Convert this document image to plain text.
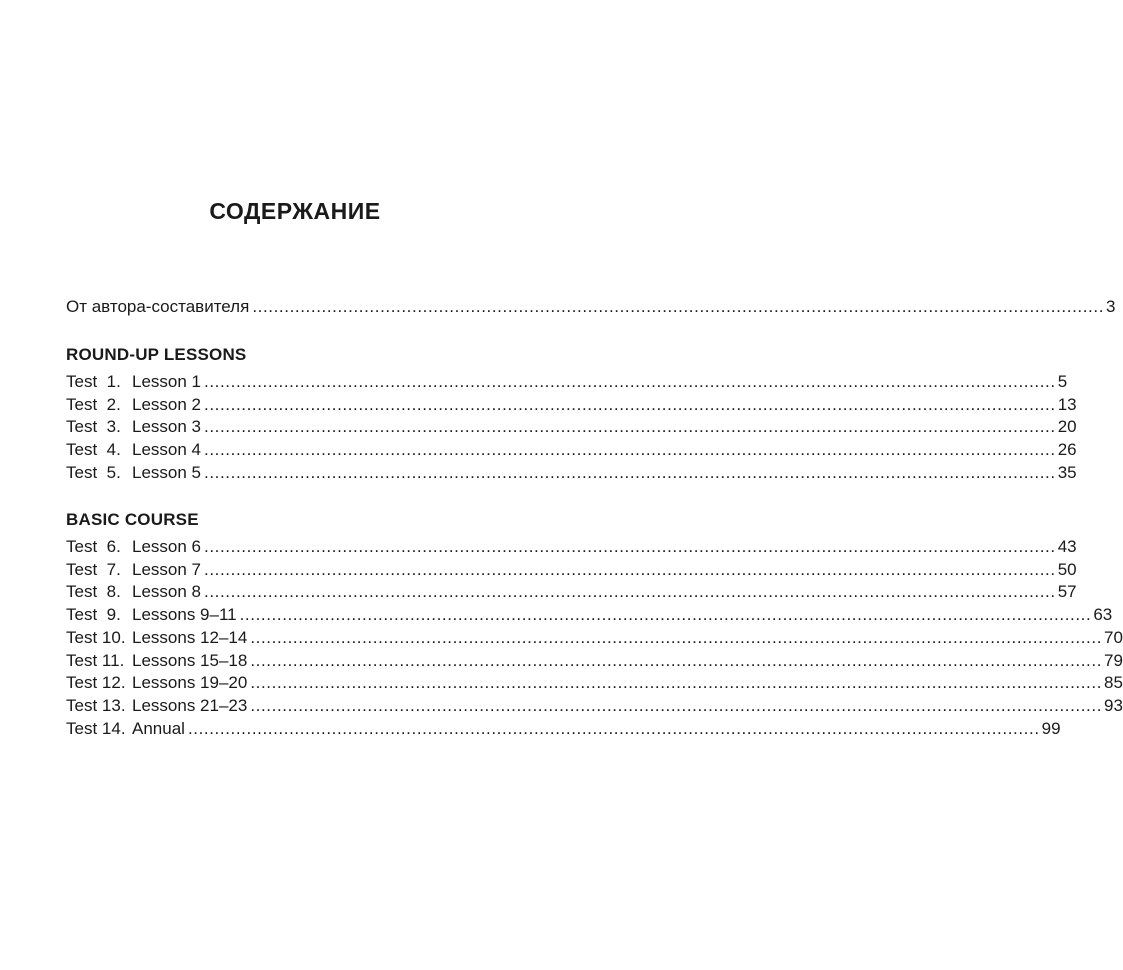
СОДЕРЖАНИЕ
От автора-составителя ................................................................................................................................................................ 3
ROUND-UP LESSONS
Test 1. Lesson 1 ................................................................................................................................................................ 5
Test 2. Lesson 2 ................................................................................................................................................................ 13
Test 3. Lesson 3 ................................................................................................................................................................ 20
Test 4. Lesson 4 ................................................................................................................................................................ 26
Test 5. Lesson 5 ................................................................................................................................................................ 35
BASIC COURSE
Test 6. Lesson 6 ................................................................................................................................................................ 43
Test 7. Lesson 7 ................................................................................................................................................................ 50
Test 8. Lesson 8 ................................................................................................................................................................ 57
Test 9. Lessons 9–11 ................................................................................................................................................................ 63
Test 10. Lessons 12–14 ................................................................................................................................................................ 70
Test 11. Lessons 15–18 ................................................................................................................................................................ 79
Test 12. Lessons 19–20 ................................................................................................................................................................ 85
Test 13. Lessons 21–23 ................................................................................................................................................................ 93
Test 14. Annual ................................................................................................................................................................ 99
